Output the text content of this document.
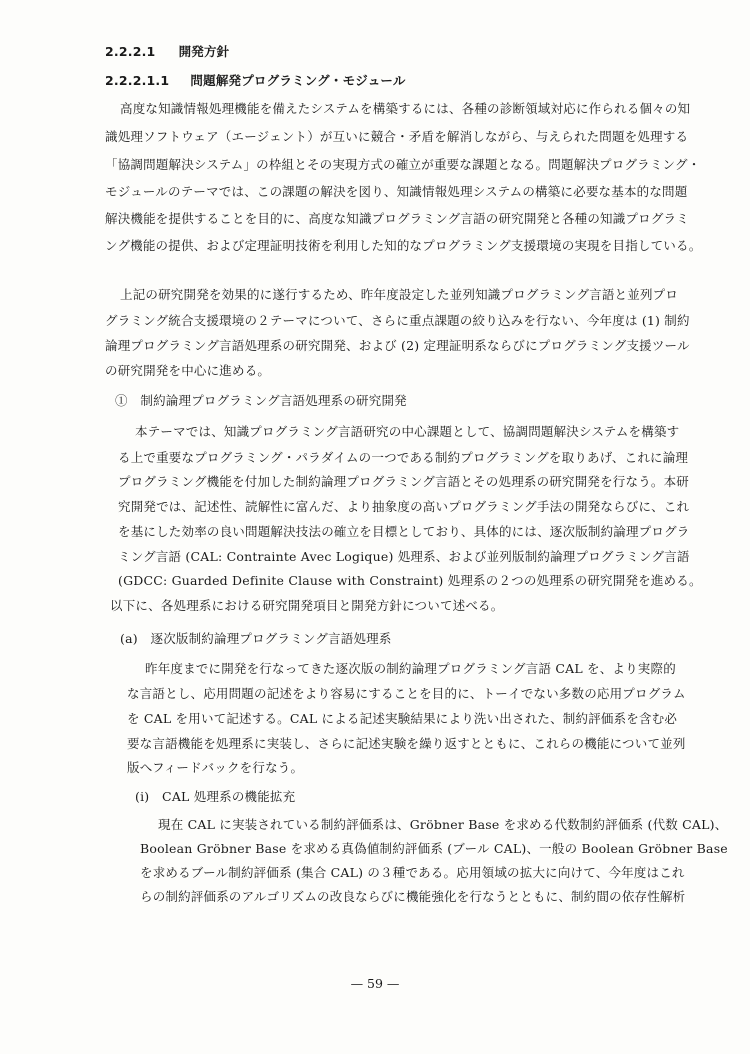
2.2.2.1 開発方針
2.2.2.1.1 問題解発プログラミング・モジュール
高度な知識情報処理機能を備えたシステムを構築するには、各種の診断領域対応に作られる個々の知
識処理ソフトウェア（エージェント）が互いに競合・矛盾を解消しながら、与えられた問題を処理する
「協調問題解決システム」の枠組とその実現方式の確立が重要な課題となる。問題解決プログラミング・
モジュールのテーマでは、この課題の解決を図り、知識情報処理システムの構築に必要な基本的な問題
解決機能を提供することを目的に、高度な知識プログラミング言語の研究開発と各種の知識プログラミ
ング機能の提供、および定理証明技術を利用した知的なプログラミング支援環境の実現を目指している。
上記の研究開発を効果的に遂行するため、昨年度設定した並列知識プログラミング言語と並列プロ
グラミング統合支援環境の２テーマについて、さらに重点課題の絞り込みを行ない、今年度は (1) 制約
論理プログラミング言語処理系の研究開発、および (2) 定理証明系ならびにプログラミング支援ツール
の研究開発を中心に進める。
①　制約論理プログラミング言語処理系の研究開発
本テーマでは、知識プログラミング言語研究の中心課題として、協調問題解決システムを構築す
る上で重要なプログラミング・パラダイムの一つである制約プログラミングを取りあげ、これに論理
プログラミング機能を付加した制約論理プログラミング言語とその処理系の研究開発を行なう。本研
究開発では、記述性、読解性に富んだ、より抽象度の高いプログラミング手法の開発ならびに、これ
を基にした効率の良い問題解決技法の確立を目標としており、具体的には、逐次版制約論理プログラ
ミング言語 (CAL: Contrainte Avec Logique) 処理系、および並列版制約論理プログラミング言語
(GDCC: Guarded Definite Clause with Constraint) 処理系の２つの処理系の研究開発を進める。
以下に、各処理系における研究開発項目と開発方針について述べる。
(a)　逐次版制約論理プログラミング言語処理系
昨年度までに開発を行なってきた逐次版の制約論理プログラミング言語 CAL を、より実際的
な言語とし、応用問題の記述をより容易にすることを目的に、トーイでない多数の応用プログラム
を CAL を用いて記述する。CAL による記述実験結果により洗い出された、制約評価系を含む必
要な言語機能を処理系に実装し、さらに記述実験を繰り返すとともに、これらの機能について並列
版へフィードバックを行なう。
(i)　CAL 処理系の機能拡充
現在 CAL に実装されている制約評価系は、Gröbner Base を求める代数制約評価系 (代数 CAL)、
Boolean Gröbner Base を求める真偽値制約評価系 (ブール CAL)、一般の Boolean Gröbner Base
を求めるブール制約評価系 (集合 CAL) の３種である。応用領域の拡大に向けて、今年度はこれ
らの制約評価系のアルゴリズムの改良ならびに機能強化を行なうとともに、制約間の依存性解析
— 59 —
